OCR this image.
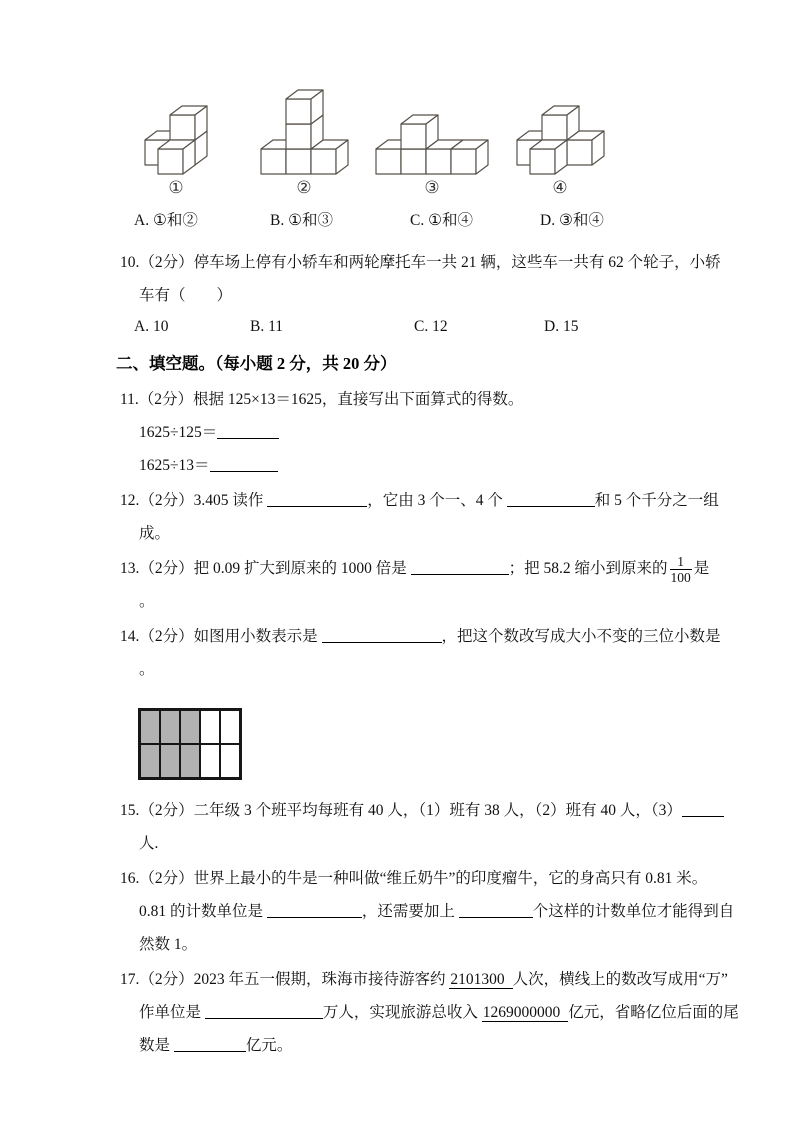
①	②	③	④
A. ①和②	B. ①和③	C. ①和④	D. ③和④
10.（2分）停车场上停有小轿车和两轮摩托车一共 21 辆，这些车一共有 62 个轮子，小轿
车有（　　）
A. 10	B. 11	C. 12	D. 15
二、填空题。（每小题 2 分，共 20 分）
11.（2分）根据 125×13＝1625，直接写出下面算式的得数。
1625÷125＝
1625÷13＝
12.（2分）3.405 读作	，它由 3 个一、4 个	和 5 个千分之一组
成。
13.（2分）把 0.09 扩大到原来的 1000 倍是	；把 58.2 缩小到原来的 $\frac{1}{100}$ 是
。
14.（2分）如图用小数表示是	，把这个数改写成大小不变的三位小数是
。
15.（2分）二年级 3 个班平均每班有 40 人，（1）班有 38 人，（2）班有 40 人，（3）
人.
16.（2分）世界上最小的牛是一种叫做“维丘奶牛”的印度瘤牛，它的身高只有 0.81 米。
0.81 的计数单位是	，还需要加上	个这样的计数单位才能得到自
然数 1。
17.（2分）2023 年五一假期，珠海市接待游客约 2101300 人次，横线上的数改写成用“万”
作单位是	万人，实现旅游总收入 1269000000 亿元，省略亿位后面的尾
数是	亿元。
